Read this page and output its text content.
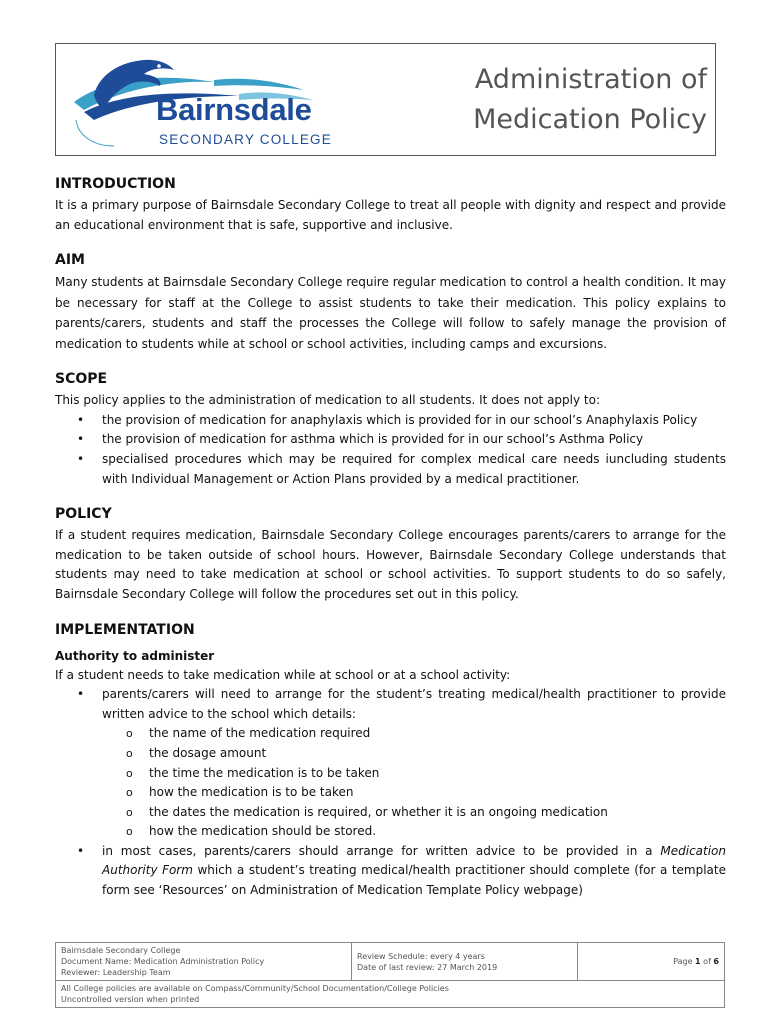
Bairnsdale
SECONDARY COLLEGE
Administration of
Medication Policy
INTRODUCTION

It is a primary purpose of Bairnsdale Secondary College to treat all people with dignity and respect and provide an educational environment that is safe, supportive and inclusive.

AIM

Many students at Bairnsdale Secondary College require regular medication to control a health condition. It may be necessary for staff at the College to assist students to take their medication. This policy explains to parents/carers, students and staff the processes the College will follow to safely manage the provision of medication to students while at school or school activities, including camps and excursions.

SCOPE

This policy applies to the administration of medication to all students. It does not apply to:

• the provision of medication for anaphylaxis which is provided for in our school’s Anaphylaxis Policy
• the provision of medication for asthma which is provided for in our school’s Asthma Policy
• specialised procedures which may be required for complex medical care needs iuncluding students with Individual Management or Action Plans provided by a medical practitioner.
POLICY

If a student requires medication, Bairnsdale Secondary College encourages parents/carers to arrange for the medication to be taken outside of school hours. However, Bairnsdale Secondary College understands that students may need to take medication at school or school activities. To support students to do so safely, Bairnsdale Secondary College will follow the procedures set out in this policy.

IMPLEMENTATION
Authority to administer

If a student needs to take medication while at school or at a school activity:

• parents/carers will need to arrange for the student’s treating medical/health practitioner to provide written advice to the school which details:
o the name of the medication required
o the dosage amount
o the time the medication is to be taken
o how the medication is to be taken
o the dates the medication is required, or whether it is an ongoing medication
o how the medication should be stored.
• in most cases, parents/carers should arrange for written advice to be provided in a Medication Authority Form which a student’s treating medical/health practitioner should complete (for a template form see ‘Resources’ on Administration of Medication Template Policy webpage)
Bairnsdale Secondary College
Document Name: Medication Administration Policy
Reviewer: Leadership Team

Review Schedule: every 4 years
Date of last review: 27 March 2019
	Page 1 of 6

All College policies are available on Compass/Community/School Documentation/College Policies
Uncontrolled version when printed
